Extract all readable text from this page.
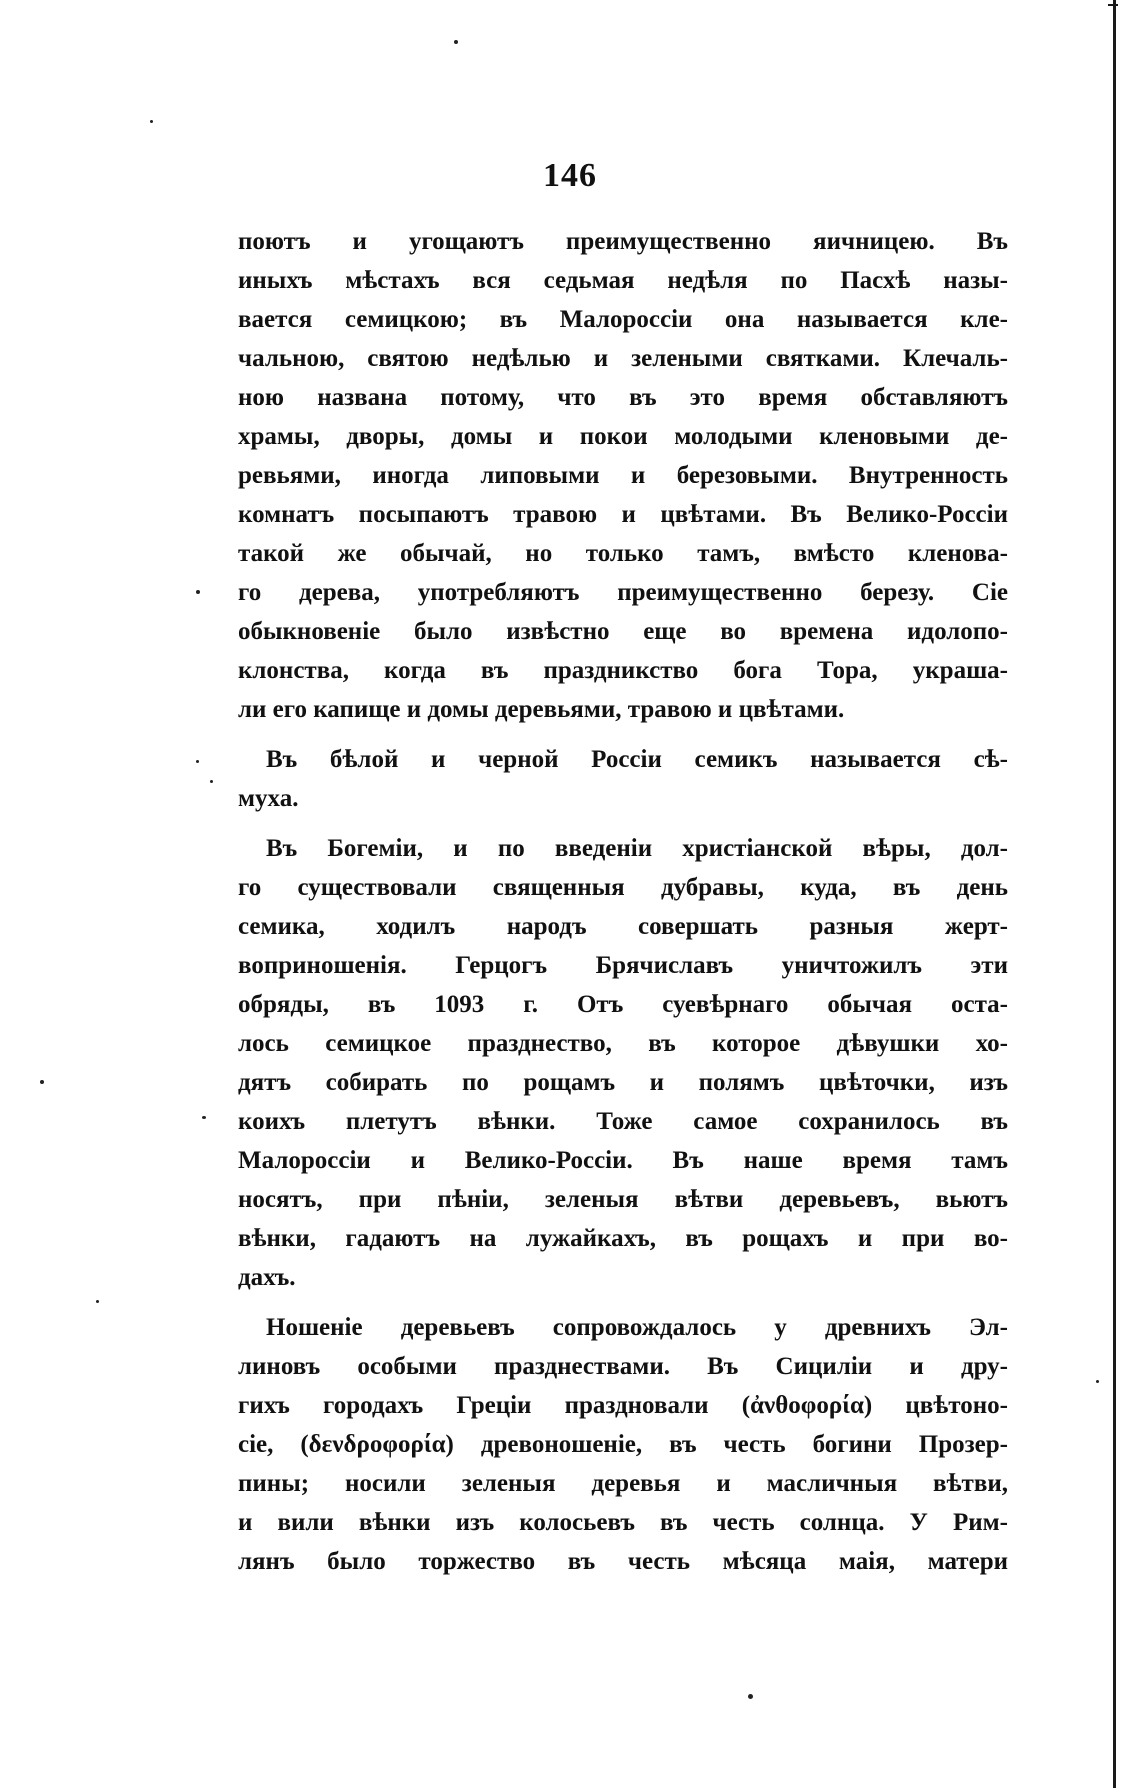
146
поютъ и угощаютъ преимущественно яичницею. Въ
иныхъ мѣстахъ вся седьмая недѣля по Пасхѣ назы-
вается семицкою; въ Малороссіи она называется кле-
чальною, святою недѣлью и зелеными святками. Клечаль-
ною названа потому, что въ это время обставляютъ
храмы, дворы, домы и покои молодыми кленовыми де-
ревьями, иногда липовыми и березовыми. Внутренность
комнатъ посыпаютъ травою и цвѣтами. Въ Велико-Россіи
такой же обычай, но только тамъ, вмѣсто кленова-
го дерева, употребляютъ преимущественно березу. Сіе
обыкновеніе было извѣстно еще во времена идолопо-
клонства, когда въ праздникство бога Тора, украша-
ли его капище и домы деревьями, травою и цвѣтами.
Въ бѣлой и черной Россіи семикъ называется сѣ-
муха.
Въ Богеміи, и по введеніи христіанской вѣры, дол-
го существовали священныя дубравы, куда, въ день
семика, ходилъ народъ совершать разныя жерт-
воприношенія. Герцогъ Брячиславъ уничтожилъ эти
обряды, въ 1093 г. Отъ суевѣрнаго обычая оста-
лось семицкое празднество, въ которое дѣвушки хо-
дятъ собирать по рощамъ и полямъ цвѣточки, изъ
коихъ плетутъ вѣнки. Тоже самое сохранилось въ
Малороссіи и Велико-Россіи. Въ наше время тамъ
носятъ, при пѣніи, зеленыя вѣтви деревьевъ, вьютъ
вѣнки, гадаютъ на лужайкахъ, въ рощахъ и при во-
дахъ.
Ношеніе деревьевъ сопровождалось у древнихъ Эл-
линовъ особыми празднествами. Въ Сициліи и дру-
гихъ городахъ Греціи праздновали (ἀνθοφορία) цвѣтоно-
сіе, (δενδροφορία) древоношеніе, въ честь богини Прозер-
пины; носили зеленыя деревья и масличныя вѣтви,
и вили вѣнки изъ колосьевъ въ честь солнца. У Рим-
лянъ было торжество въ честь мѣсяца маія, матери
